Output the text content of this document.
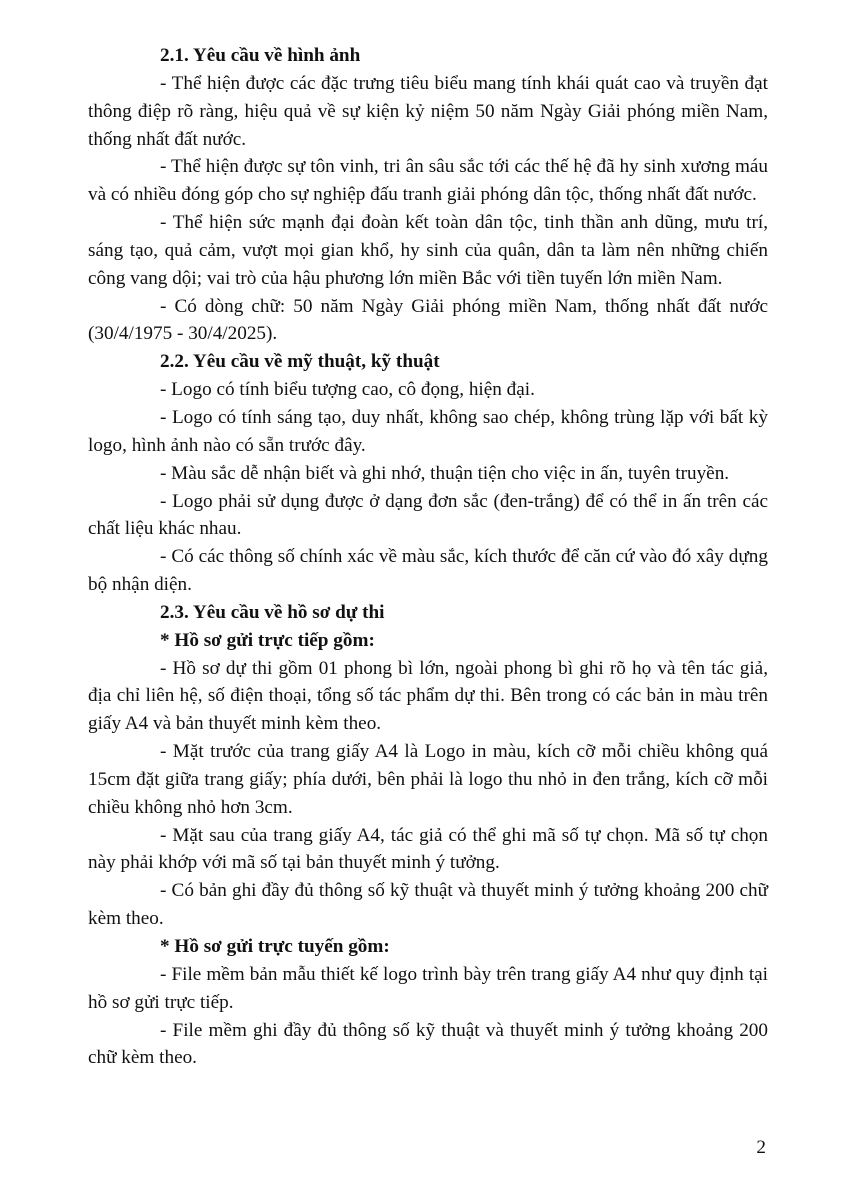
2.1. Yêu cầu về hình ảnh

- Thể hiện được các đặc trưng tiêu biểu mang tính khái quát cao và truyền đạt thông điệp rõ ràng, hiệu quả về sự kiện kỷ niệm 50 năm Ngày Giải phóng miền Nam, thống nhất đất nước.

- Thể hiện được sự tôn vinh, tri ân sâu sắc tới các thế hệ đã hy sinh xương máu và có nhiều đóng góp cho sự nghiệp đấu tranh giải phóng dân tộc, thống nhất đất nước.

- Thể hiện sức mạnh đại đoàn kết toàn dân tộc, tinh thần anh dũng, mưu trí, sáng tạo, quả cảm, vượt mọi gian khổ, hy sinh của quân, dân ta làm nên những chiến công vang dội; vai trò của hậu phương lớn miền Bắc với tiền tuyến lớn miền Nam.

- Có dòng chữ: 50 năm Ngày Giải phóng miền Nam, thống nhất đất nước (30/4/1975 - 30/4/2025).

2.2. Yêu cầu về mỹ thuật, kỹ thuật

- Logo có tính biểu tượng cao, cô đọng, hiện đại.

- Logo có tính sáng tạo, duy nhất, không sao chép, không trùng lặp với bất kỳ logo, hình ảnh nào có sẵn trước đây.

- Màu sắc dễ nhận biết và ghi nhớ, thuận tiện cho việc in ấn, tuyên truyền.

- Logo phải sử dụng được ở dạng đơn sắc (đen-trắng) để có thể in ấn trên các chất liệu khác nhau.

- Có các thông số chính xác về màu sắc, kích thước để căn cứ vào đó xây dựng bộ nhận diện.

2.3. Yêu cầu về hồ sơ dự thi

* Hồ sơ gửi trực tiếp gồm:

- Hồ sơ dự thi gồm 01 phong bì lớn, ngoài phong bì ghi rõ họ và tên tác giả, địa chỉ liên hệ, số điện thoại, tổng số tác phẩm dự thi. Bên trong có các bản in màu trên giấy A4 và bản thuyết minh kèm theo.

- Mặt trước của trang giấy A4 là Logo in màu, kích cỡ mỗi chiều không quá 15cm đặt giữa trang giấy; phía dưới, bên phải là logo thu nhỏ in đen trắng, kích cỡ mỗi chiều không nhỏ hơn 3cm.

- Mặt sau của trang giấy A4, tác giả có thể ghi mã số tự chọn. Mã số tự chọn này phải khớp với mã số tại bản thuyết minh ý tưởng.

- Có bản ghi đầy đủ thông số kỹ thuật và thuyết minh ý tưởng khoảng 200 chữ kèm theo.

* Hồ sơ gửi trực tuyến gồm:

- File mềm bản mẫu thiết kế logo trình bày trên trang giấy A4 như quy định tại hồ sơ gửi trực tiếp.

- File mềm ghi đầy đủ thông số kỹ thuật và thuyết minh ý tưởng khoảng 200 chữ kèm theo.

2
